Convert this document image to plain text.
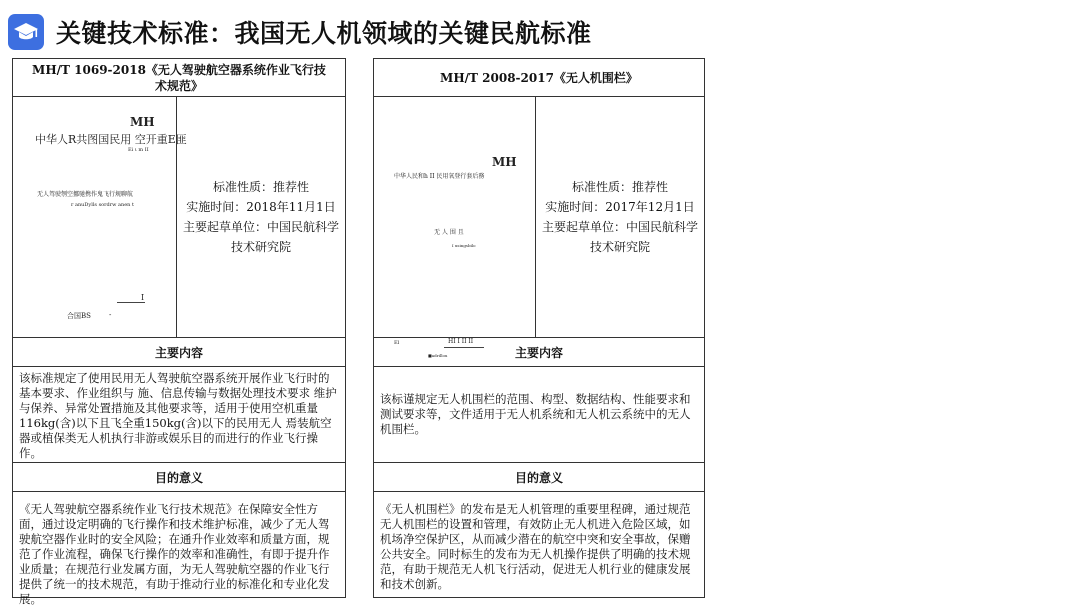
关键技术标准：我国无人机领域的关键民航标准
MH/T 1069-2018《无人驾驶航空器系统作业飞行技术规范》
MH
中华人R共图国民用 空开重E匪
Ei ι m II
无人驾驶刎空挪驰携作鬼飞行规聊航
r anuDylls sordrw anen t
I
合国BS	-
标准性质：推荐性
实施时间：2018年11月1日
主要起草单位：中国民航科学
技术研究院
主要内容
该标准规定了使用民用无人驾驶航空器系统开展作业飞行时的 基本要求、作业组织与 施、信息传输与数据处理技术要求 维护与保养、异常处置措施及其他要求等，适用于使用空机重量116kg(含)以下且飞全重150kg(含)以下的民用无人 焉装航空器或植保类无人机执行非游或娱乐目的而进行的作业飞行操作。
目的意义
《无人驾驶航空器系统作业飞行技术规范》在保障安全性方面，通过设定明确的飞行操作和技术维护标准，减少了无人驾驶航空器作业时的安全风险；在通升作业效率和质量方面，规范了作业流程，确保飞行操作的效率和准确性，有即于提升作业质量；在规范行业发属方面，为无人驾驶航空器的作业飞行提供了统一的技术规范，有助于推动行业的标准化和专业化发展。
MH/T 2008-2017《无人机围栏》
MH
中华人民和h II 民用氧登行套后務
无 人 围 且
I usingsbilo
El	HI I II II
■adrillou
标准性质：推荐性
实施时间：2017年12月1日
主要起草单位：中国民航科学
技术研究院
主要内容
该标谨规定无人机围栏的范围、构型、数据结构、性能要求和测试要求等，文件适用于无人机系统和无人机云系统中的无人机围栏。
目的意义
《无人机围栏》的发布是无人机管理的重要里程碑，通过规范无人机围栏的设置和管理，有效防止无人机进入危险区域，如机场净空保护区，从而减少潜在的航空中突和安全事故，保赠公共安全。同时标生的发布为无人机操作提供了明确的技术规范，有助于规范无人机飞行活动，促进无人机行业的健康发展和技术创新。
